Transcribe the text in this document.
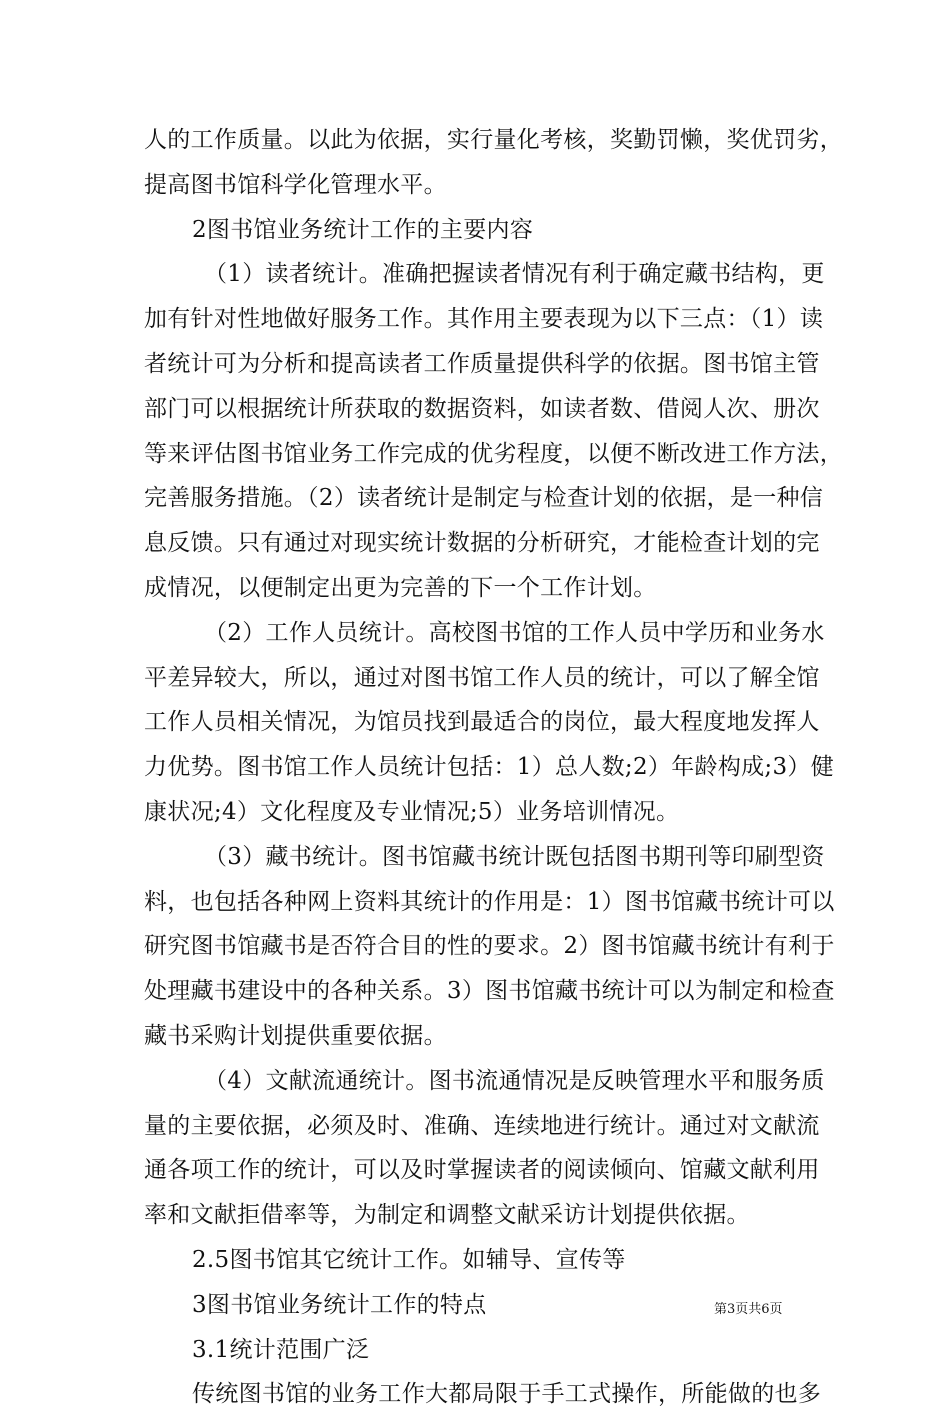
人的工作质量。以此为依据，实行量化考核，奖勤罚懒，奖优罚劣，
提高图书馆科学化管理水平。
2图书馆业务统计工作的主要内容
（1）读者统计。准确把握读者情况有利于确定藏书结构，更
加有针对性地做好服务工作。其作用主要表现为以下三点：（1）读
者统计可为分析和提高读者工作质量提供科学的依据。图书馆主管
部门可以根据统计所获取的数据资料，如读者数、借阅人次、册次
等来评估图书馆业务工作完成的优劣程度，以便不断改进工作方法，
完善服务措施。（2）读者统计是制定与检查计划的依据，是一种信
息反馈。只有通过对现实统计数据的分析研究，才能检查计划的完
成情况，以便制定出更为完善的下一个工作计划。
（2）工作人员统计。高校图书馆的工作人员中学历和业务水
平差异较大，所以，通过对图书馆工作人员的统计，可以了解全馆
工作人员相关情况，为馆员找到最适合的岗位，最大程度地发挥人
力优势。图书馆工作人员统计包括：1）总人数;2）年龄构成;3）健
康状况;4）文化程度及专业情况;5）业务培训情况。
（3）藏书统计。图书馆藏书统计既包括图书期刊等印刷型资
料，也包括各种网上资料其统计的作用是：1）图书馆藏书统计可以
研究图书馆藏书是否符合目的性的要求。2）图书馆藏书统计有利于
处理藏书建设中的各种关系。3）图书馆藏书统计可以为制定和检查
藏书采购计划提供重要依据。
（4）文献流通统计。图书流通情况是反映管理水平和服务质
量的主要依据，必须及时、准确、连续地进行统计。通过对文献流
通各项工作的统计，可以及时掌握读者的阅读倾向、馆藏文献利用
率和文献拒借率等，为制定和调整文献采访计划提供依据。
2.5图书馆其它统计工作。如辅导、宣传等
3图书馆业务统计工作的特点
3.1统计范围广泛
传统图书馆的业务工作大都局限于手工式操作，所能做的也多
第3页共6页
